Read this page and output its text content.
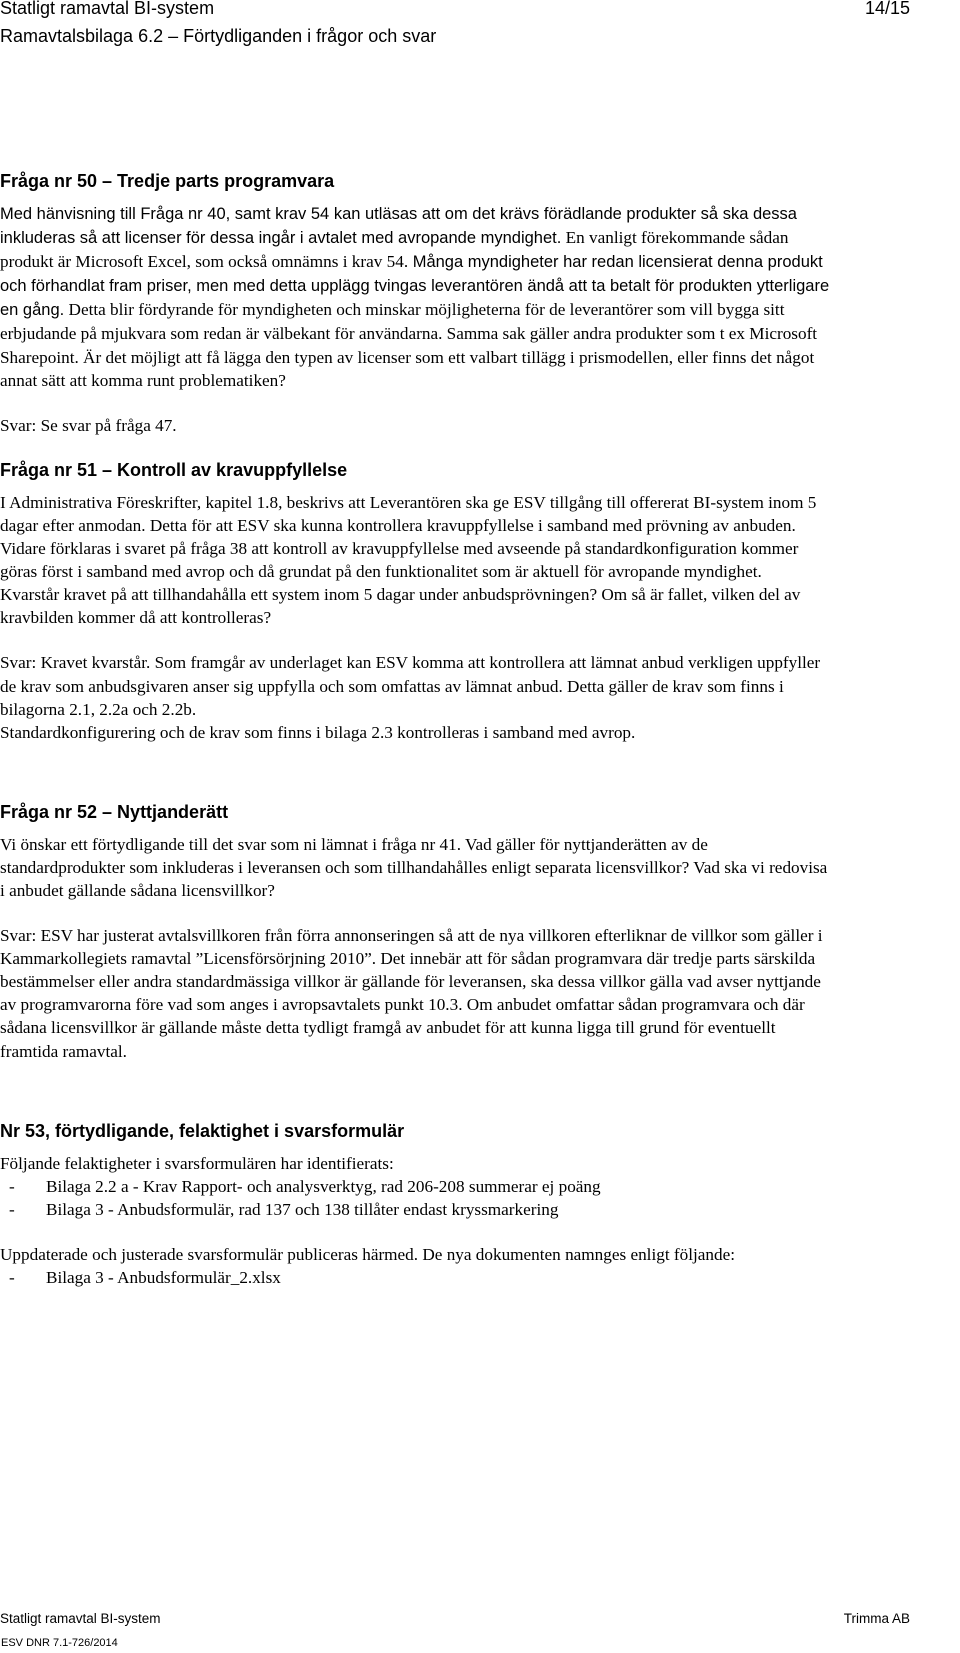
Statligt ramavtal BI-system	14/15
Ramavtalsbilaga 6.2 – Förtydliganden i frågor och svar
Fråga nr 50 – Tredje parts programvara

Med hänvisning till Fråga nr 40, samt krav 54 kan utläsas att om det krävs förädlande produkter så ska dessa inkluderas så att licenser för dessa ingår i avtalet med avropande myndighet. En vanligt förekommande sådan produkt är Microsoft Excel, som också omnämns i krav 54. Många myndigheter har redan licensierat denna produkt och förhandlat fram priser, men med detta upplägg tvingas leverantören ändå att ta betalt för produkten ytterligare en gång. Detta blir fördyrande för myndigheten och minskar möjligheterna för de leverantörer som vill bygga sitt erbjudande på mjukvara som redan är välbekant för användarna. Samma sak gäller andra produkter som t ex Microsoft Sharepoint. Är det möjligt att få lägga den typen av licenser som ett valbart tillägg i prismodellen, eller finns det något annat sätt att komma runt problematiken?

Svar: Se svar på fråga 47.

Fråga nr 51 – Kontroll av kravuppfyllelse

I Administrativa Föreskrifter, kapitel 1.8, beskrivs att Leverantören ska ge ESV tillgång till offererat BI-system inom 5 dagar efter anmodan. Detta för att ESV ska kunna kontrollera kravuppfyllelse i samband med prövning av anbuden. Vidare förklaras i svaret på fråga 38 att kontroll av kravuppfyllelse med avseende på standardkonfiguration kommer göras först i samband med avrop och då grundat på den funktionalitet som är aktuell för avropande myndighet.

Kvarstår kravet på att tillhandahålla ett system inom 5 dagar under anbudsprövningen? Om så är fallet, vilken del av kravbilden kommer då att kontrolleras?

Svar: Kravet kvarstår. Som framgår av underlaget kan ESV komma att kontrollera att lämnat anbud verkligen uppfyller de krav som anbudsgivaren anser sig uppfylla och som omfattas av lämnat anbud. Detta gäller de krav som finns i bilagorna 2.1, 2.2a och 2.2b.

Standardkonfigurering och de krav som finns i bilaga 2.3 kontrolleras i samband med avrop.

Fråga nr 52 – Nyttjanderätt

Vi önskar ett förtydligande till det svar som ni lämnat i fråga nr 41. Vad gäller för nyttjanderätten av de standardprodukter som inkluderas i leveransen och som tillhandahålles enligt separata licensvillkor? Vad ska vi redovisa i anbudet gällande sådana licensvillkor?

Svar: ESV har justerat avtalsvillkoren från förra annonseringen så att de nya villkoren efterliknar de villkor som gäller i Kammarkollegiets ramavtal ”Licensförsörjning 2010”. Det innebär att för sådan programvara där tredje parts särskilda bestämmelser eller andra standardmässiga villkor är gällande för leveransen, ska dessa villkor gälla vad avser nyttjande av programvarorna före vad som anges i avropsavtalets punkt 10.3. Om anbudet omfattar sådan programvara och där sådana licensvillkor är gällande måste detta tydligt framgå av anbudet för att kunna ligga till grund för eventuellt framtida ramavtal.

Nr 53, förtydligande, felaktighet i svarsformulär

Följande felaktigheter i svarsformulären har identifierats:

- Bilaga 2.2 a - Krav Rapport- och analysverktyg, rad 206-208 summerar ej poäng
- Bilaga 3 - Anbudsformulär, rad 137 och 138 tillåter endast kryssmarkering

Uppdaterade och justerade svarsformulär publiceras härmed. De nya dokumenten namnges enligt följande:

- Bilaga 3 - Anbudsformulär_2.xlsx
Statligt ramavtal BI-system	Trimma AB
ESV DNR 7.1-726/2014
